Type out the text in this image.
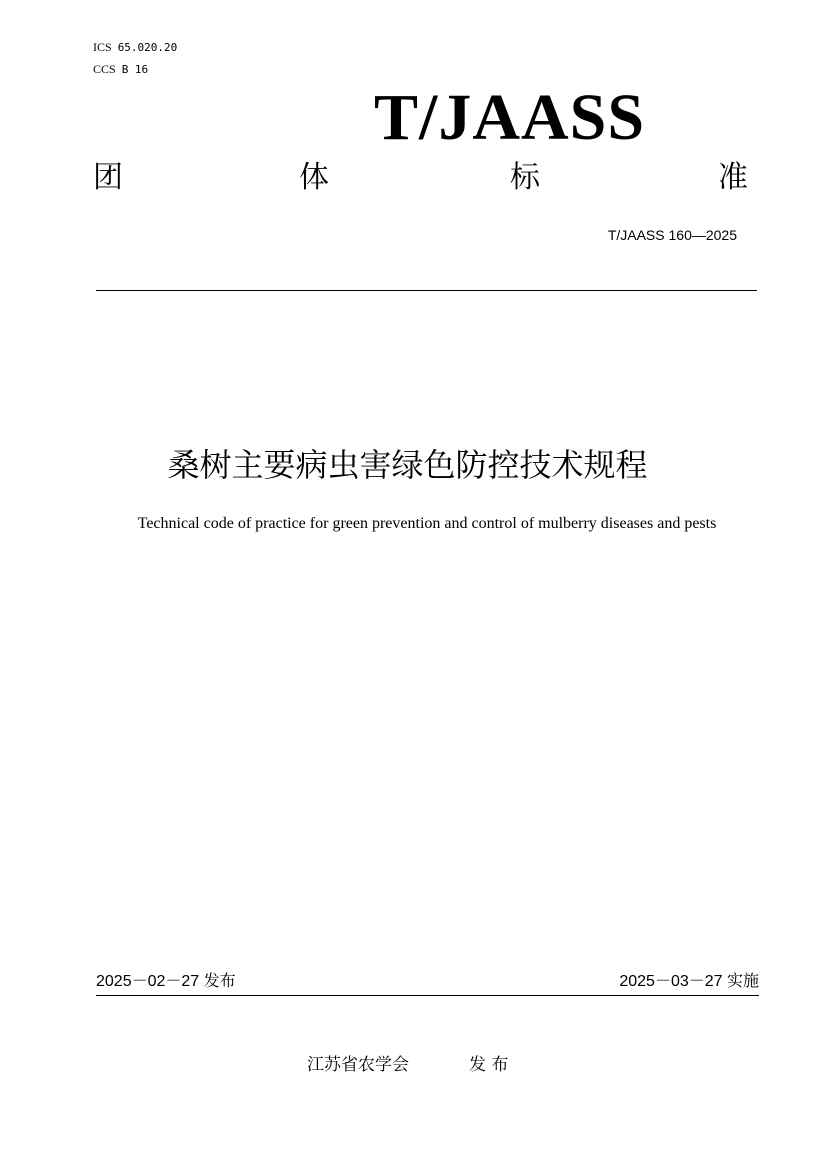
ICS 65.020.20
CCS B 16
T/JAASS
团	体	标	准
T/JAASS 160—2025
桑树主要病虫害绿色防控技术规程
Technical code of practice for green prevention and control of mulberry diseases and pests
2025－02－27 发布	2025－03－27 实施
江苏省农学会	发 布
